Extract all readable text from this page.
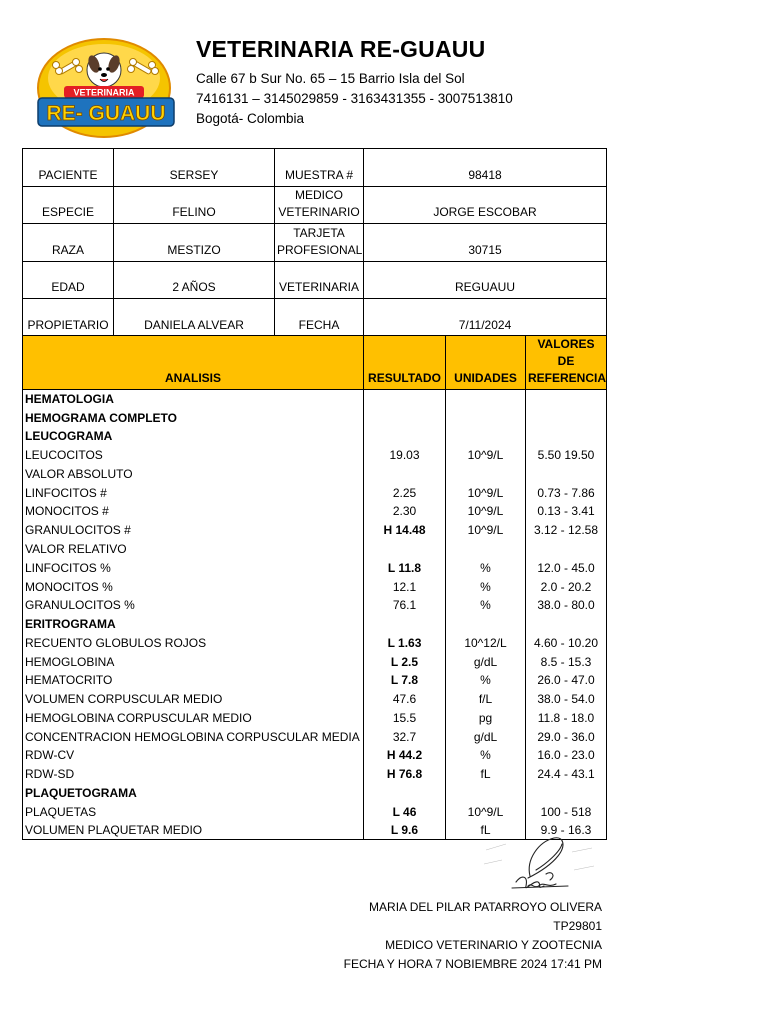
VETERINARIA
RE- GUAUU
VETERINARIA RE-GUAUU
Calle 67 b Sur No. 65 – 15 Barrio Isla del Sol
7416131 – 3145029859 - 3163431355 - 3007513810
Bogotá- Colombia
PACIENTE	SERSEY	MUESTRA #	98418
ESPECIE	FELINO	MEDICO VETERINARIO	JORGE ESCOBAR
RAZA	MESTIZO	TARJETA PROFESIONAL	30715
EDAD	2 AÑOS	VETERINARIA	REGUAUU
PROPIETARIO	DANIELA ALVEAR	FECHA	7/11/2024
ANALISIS	RESULTADO	UNIDADES	VALORES DE REFERENCIA
HEMATOLOGIA			
HEMOGRAMA COMPLETO			
LEUCOGRAMA			
LEUCOCITOS	19.03	10^9/L	5.50 19.50
VALOR ABSOLUTO			
LINFOCITOS #	2.25	10^9/L	0.73 - 7.86
MONOCITOS #	2.30	10^9/L	0.13 - 3.41
GRANULOCITOS #	H 14.48	10^9/L	3.12 - 12.58
VALOR RELATIVO			
LINFOCITOS %	L 11.8	%	12.0 - 45.0
MONOCITOS %	12.1	%	2.0 - 20.2
GRANULOCITOS %	76.1	%	38.0 - 80.0
ERITROGRAMA			
RECUENTO GLOBULOS ROJOS	L 1.63	10^12/L	4.60 - 10.20
HEMOGLOBINA	L 2.5	g/dL	8.5 - 15.3
HEMATOCRITO	L 7.8	%	26.0 - 47.0
VOLUMEN CORPUSCULAR MEDIO	47.6	f/L	38.0 - 54.0
HEMOGLOBINA CORPUSCULAR MEDIO	15.5	pg	11.8 - 18.0
CONCENTRACION HEMOGLOBINA CORPUSCULAR MEDIA	32.7	g/dL	29.0 - 36.0
RDW-CV	H 44.2	%	16.0 - 23.0
RDW-SD	H 76.8	fL	24.4 - 43.1
PLAQUETOGRAMA			
PLAQUETAS	L 46	10^9/L	100 - 518
VOLUMEN PLAQUETAR MEDIO	L 9.6	fL	9.9 - 16.3
MARIA DEL PILAR PATARROYO OLIVERA
TP29801
MEDICO VETERINARIO Y ZOOTECNIA
FECHA Y HORA 7 NOBIEMBRE 2024 17:41 PM
